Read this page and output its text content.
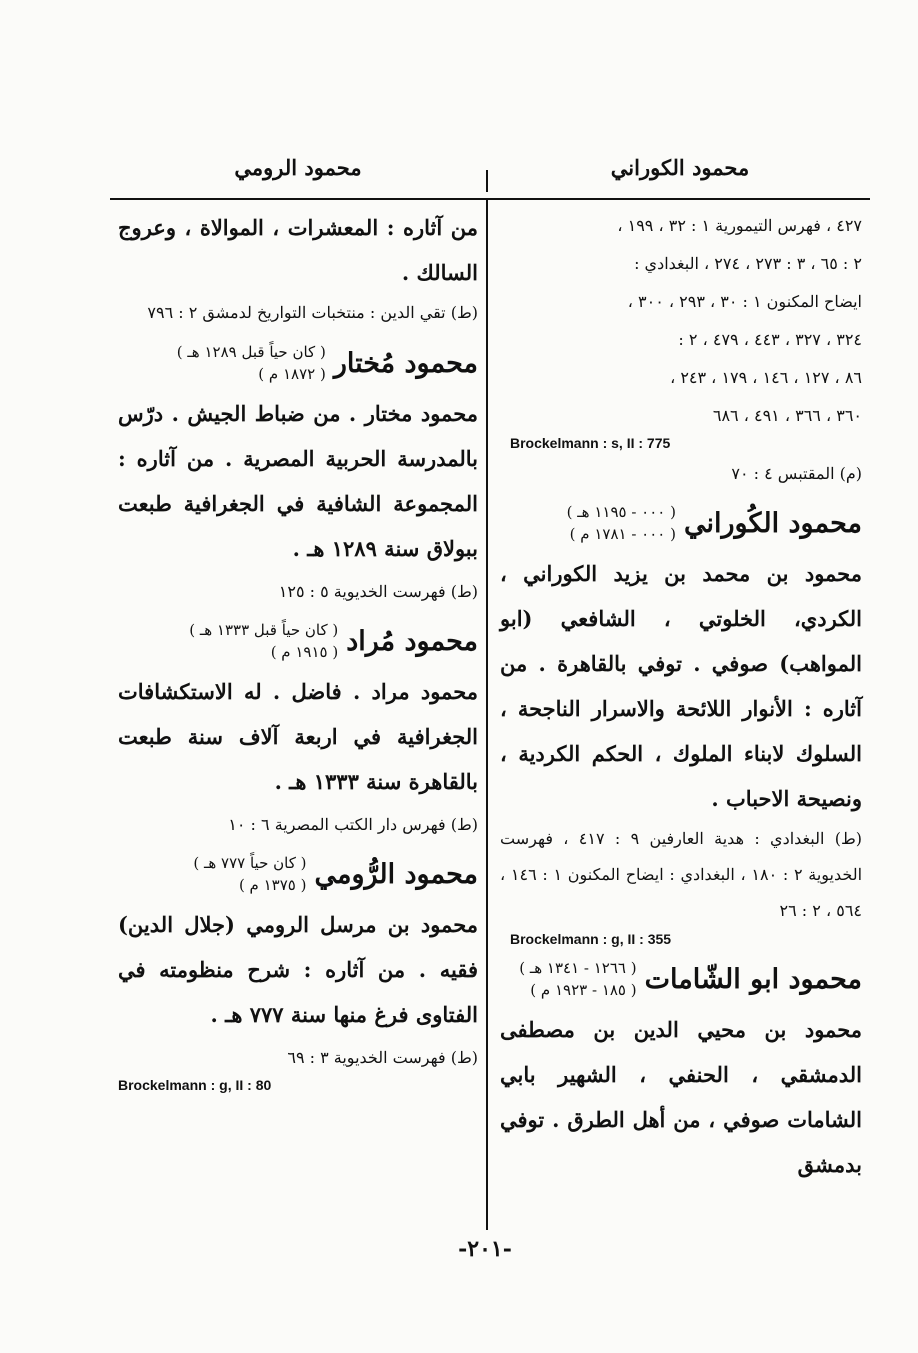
محمود الكوراني
محمود الرومي

٤٢٧ ، فهرس التيمورية ١ : ٣٢ ، ١٩٩ ،

٢ : ٦٥ ، ٣ : ٢٧٣ ، ٢٧٤ ، البغدادي :

ايضاح المكنون ١ : ٣٠ ، ٢٩٣ ، ٣٠٠ ،

٣٢٤ ، ٣٢٧ ، ٤٤٣ ، ٤٧٩ ، ٢ :

٨٦ ، ١٢٧ ، ١٤٦ ، ١٧٩ ، ٢٤٣ ،

٣٦٠ ، ٣٦٦ ، ٤٩١ ، ٦٨٦

Brockelmann : s, II : 775

(م) المقتبس ٤ : ٧٠

محمود الكُوراني
( ٠٠٠ - ١١٩٥ هـ )
( ٠٠٠ - ١٧٨١ م )

محمود بن محمد بن يزيد الكوراني ، الكردي، الخلوتي ، الشافعي (ابو المواهب) صوفي . توفي بالقاهرة . من آثاره : الأنوار اللائحة والاسرار الناجحة ، السلوك لابناء الملوك ، الحكم الكردية ، ونصيحة الاحباب .

(ط) البغدادي : هدية العارفين ٩ : ٤١٧ ، فهرست الخديوية ٢ : ١٨٠ ، البغدادي : ايضاح المكنون ١ : ١٤٦ ، ٥٦٤ ، ٢ : ٢٦

Brockelmann : g, II : 355

محمود ابو الشّامات
( ١٢٦٦ - ١٣٤١ هـ )
( ١٨٥ - ١٩٢٣ م )

محمود بن محيي الدين بن مصطفى الدمشقي ، الحنفي ، الشهير بابي الشامات صوفي ، من أهل الطرق . توفي بدمشق

من آثاره : المعشرات ، الموالاة ، وعروج السالك .

(ط) تقي الدين : منتخبات التواريخ لدمشق ٢ : ٧٩٦

محمود مُختار
( كان حياً قبل ١٢٨٩ هـ )
( ١٨٧٢ م )

محمود مختار . من ضباط الجيش . درّس بالمدرسة الحربية المصرية . من آثاره : المجموعة الشافية في الجغرافية طبعت ببولاق سنة ١٢٨٩ هـ .

(ط) فهرست الخديوية ٥ : ١٢٥

محمود مُراد
( كان حياً قبل ١٣٣٣ هـ )
( ١٩١٥ م )

محمود مراد . فاضل . له الاستكشافات الجغرافية في اربعة آلاف سنة طبعت بالقاهرة سنة ١٣٣٣ هـ .

(ط) فهرس دار الكتب المصرية ٦ : ١٠

محمود الرُّومي
( كان حياً ٧٧٧ هـ )
( ١٣٧٥ م )

محمود بن مرسل الرومي (جلال الدين) فقيه . من آثاره : شرح منظومته في الفتاوى فرغ منها سنة ٧٧٧ هـ .

(ط) فهرست الخديوية ٣ : ٦٩

Brockelmann : g, II : 80

-٢٠١-
